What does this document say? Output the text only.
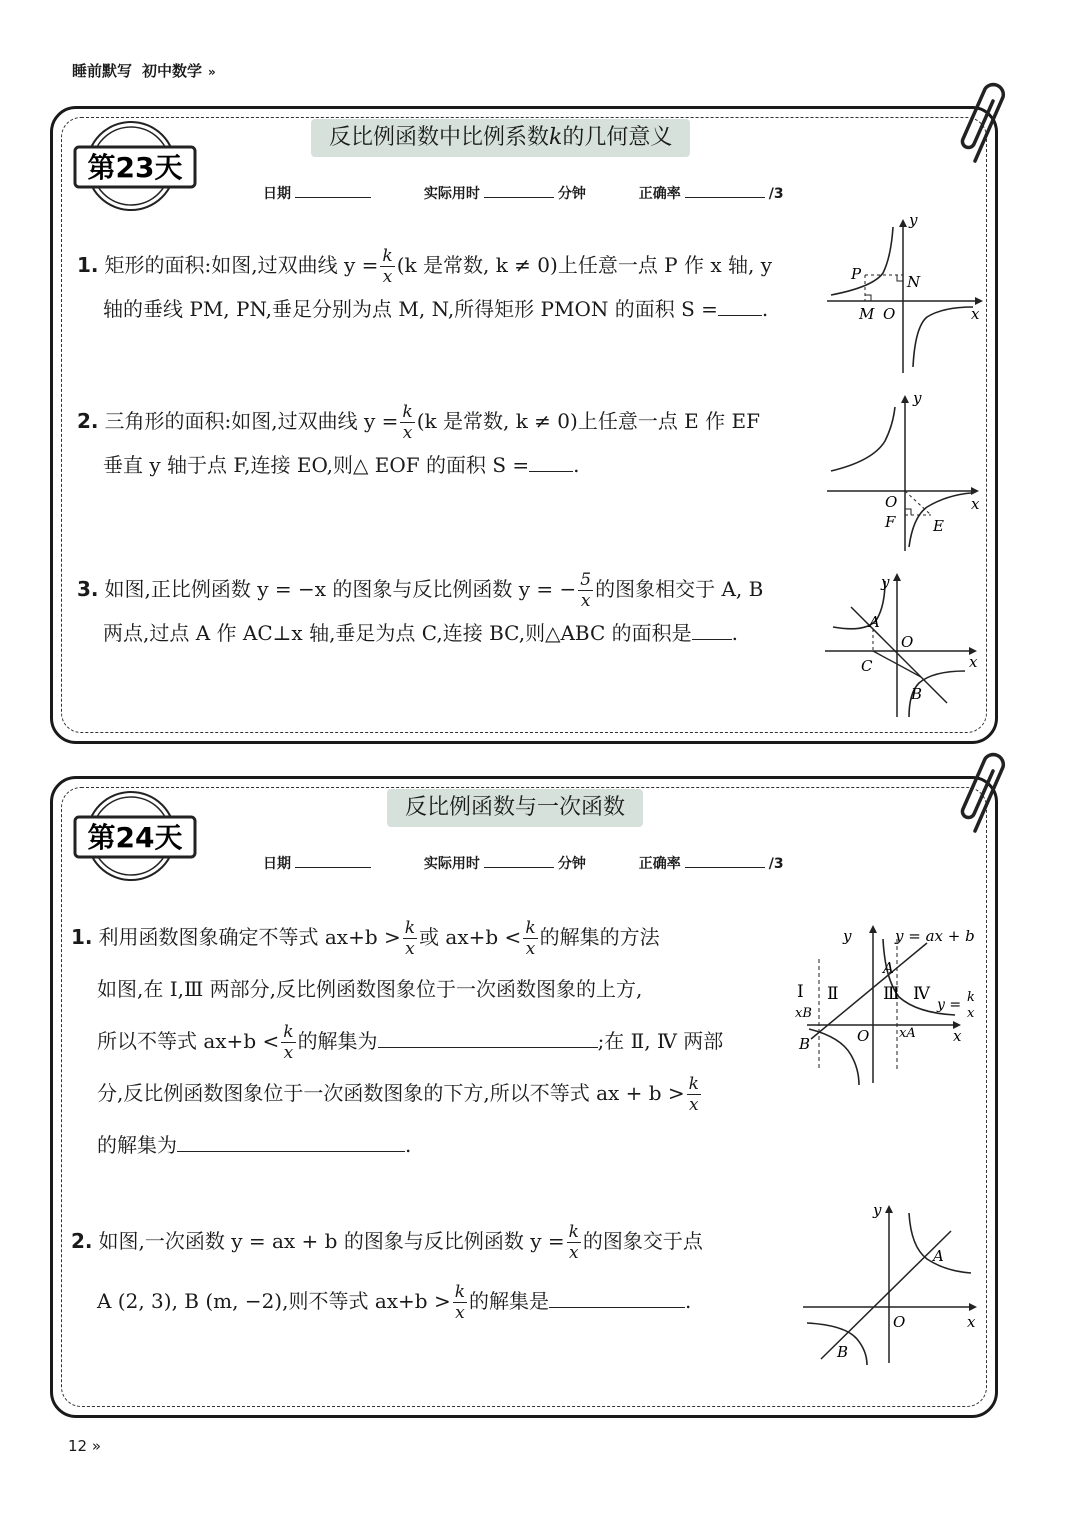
睡前默写 初中数学 »
反比例函数中比例系数k的几何意义
第23天
日期	实际用时	分钟	正确率	/3
1. 矩形的面积:如图,过双曲线 $y = \frac{k}{x} (k$ 是常数, k ≠ 0)上任意一点 P 作 x 轴, y
轴的垂线 PM, PN,垂足分别为点 M, N,所得矩形 PMON 的面积 S = .
2. 三角形的面积:如图,过双曲线 $y = \frac{k}{x} (k$ 是常数, k ≠ 0)上任意一点 E 作 EF
垂直 y 轴于点 F,连接 EO,则△ EOF 的面积 S = .
3. 如图,正比例函数 y = −x 的图象与反比例函数 y = − $\frac{5}{x}$ 的图象相交于 A, B
两点,过点 A 作 AC⊥x 轴,垂足为点 C,连接 BC,则△ABC 的面积是 .
y
x
P	N
M O
y
x
O
F	E
y
x
A
O
C
B
反比例函数与一次函数
第24天
日期	实际用时	分钟	正确率	/3
1. 利用函数图象确定不等式 $ax+b > \frac{k}{x}$ 或 $ax+b < \frac{k}{x}$ 的解集的方法
如图,在 Ⅰ,Ⅲ 两部分,反比例函数图象位于一次函数图象的上方,
所以不等式 $ax+b < \frac{k}{x}$ 的解集为	;在 Ⅱ, Ⅳ 两部
分,反比例函数图象位于一次函数图象的下方,所以不等式 ax + $b > \frac{k}{x}$
的解集为	.
2. 如图,一次函数 y = ax + b 的图象与反比例函数 $y = \frac{k}{x}$ 的图象交于点
A (2, 3), B (m, −2),则不等式 $ax+b > \frac{k}{x}$ 的解集是	.
y	y = ax + b
A
Ⅰ Ⅱ	Ⅲ Ⅳ
y = k
x
xB
O xA x
B
y
A
O	x
B
12 »
